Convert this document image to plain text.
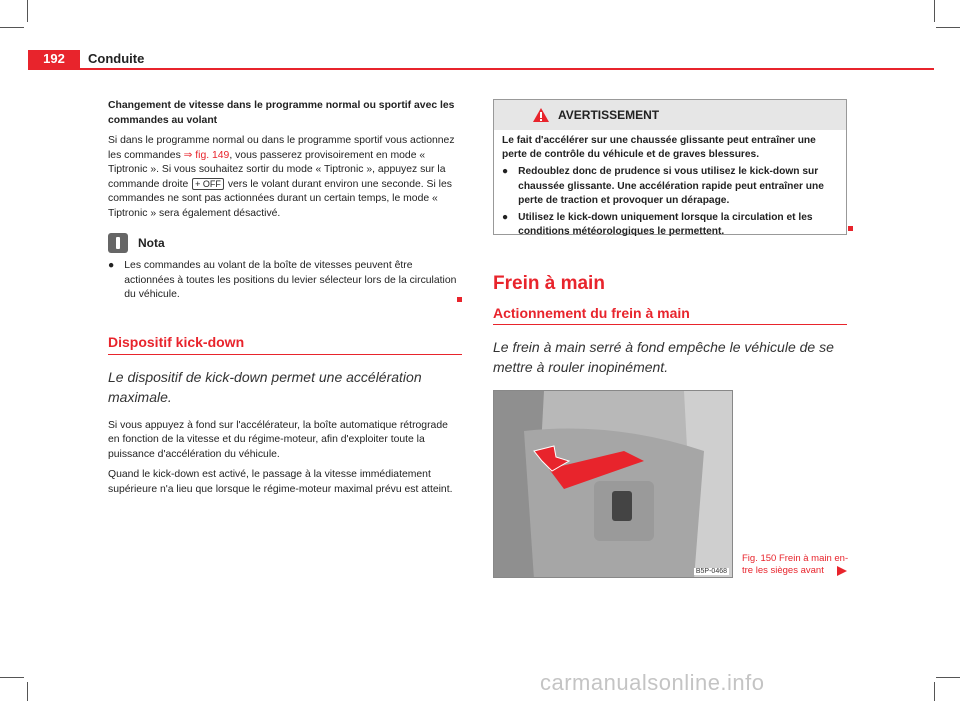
192	Conduite

Changement de vitesse dans le programme normal ou sportif avec les commandes au volant

Si dans le programme normal ou dans le programme sportif vous actionnez les commandes ⇒ fig. 149, vous passerez provisoirement en mode « Tiptronic ». Si vous souhaitez sortir du mode « Tiptronic », appuyez sur la commande droite + OFF vers le volant durant environ une seconde. Si les commandes ne sont pas actionnées durant un certain temps, le mode « Tiptronic » sera également désactivé.

Nota
● Les commandes au volant de la boîte de vitesses peuvent être actionnées à toutes les positions du levier sélecteur lors de la circulation du véhicule.
Dispositif kick-down

Le dispositif de kick-down permet une accélération maximale.

Si vous appuyez à fond sur l'accélérateur, la boîte automatique rétrograde en fonction de la vitesse et du régime-moteur, afin d'exploiter toute la puissance d'accélération du véhicule.

Quand le kick-down est activé, le passage à la vitesse immédiatement supérieure n'a lieu que lorsque le régime-moteur maximal prévu est atteint.

AVERTISSEMENT

Le fait d'accélérer sur une chaussée glissante peut entraîner une perte de contrôle du véhicule et de graves blessures.

● Redoublez donc de prudence si vous utilisez le kick-down sur chaussée glissante. Une accélération rapide peut entraîner une perte de traction et provoquer un dérapage.
● Utilisez le kick-down uniquement lorsque la circulation et les conditions météorologiques le permettent.
Frein à main
Actionnement du frein à main

Le frein à main serré à fond empêche le véhicule de se mettre à rouler inopinément.

B5P-0468
Fig. 150 Frein à main en-
tre les sièges avant
carmanualsonline.info
